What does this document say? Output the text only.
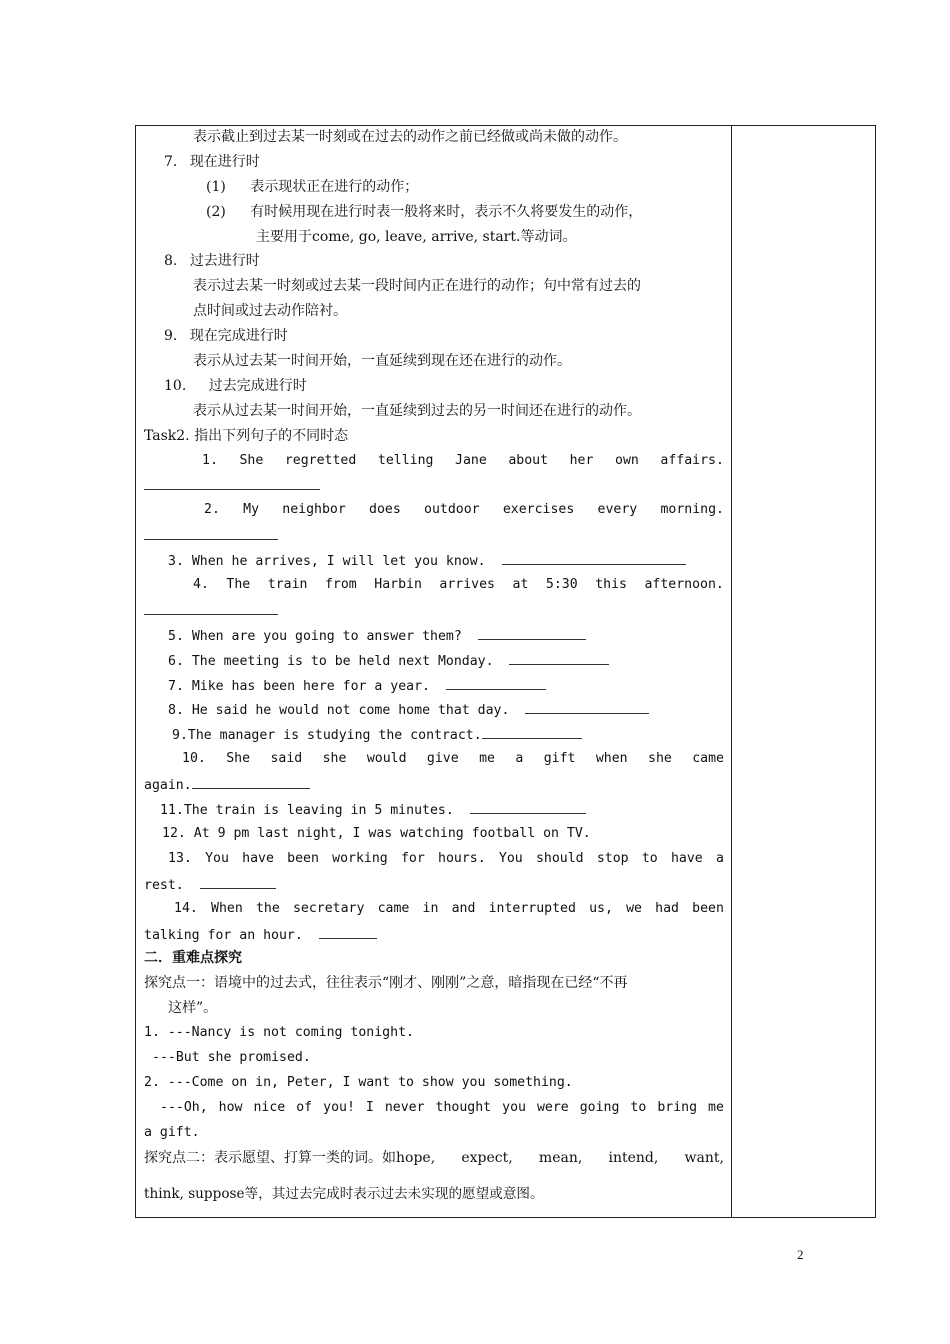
表示截止到过去某一时刻或在过去的动作之前已经做或尚未做的动作。
7. 现在进行时
(1) 表示现状正在进行的动作；
(2) 有时候用现在进行时表一般将来时，表示不久将要发生的动作，
主要用于come, go, leave, arrive, start.等动词。
8. 过去进行时
表示过去某一时刻或过去某一段时间内正在进行的动作；句中常有过去的
点时间或过去动作陪衬。
9. 现在完成进行时
表示从过去某一时间开始，一直延续到现在还在进行的动作。
10. 过去完成进行时
表示从过去某一时间开始，一直延续到过去的另一时间还在进行的动作。
Task2. 指出下列句子的不同时态
1. She regretted telling Jane about her own affairs.
2. My neighbor does outdoor exercises every morning.
3. When he arrives, I will let you know.
4. The train from Harbin arrives at 5:30 this afternoon.
5. When are you going to answer them?
6. The meeting is to be held next Monday.
7. Mike has been here for a year.
8. He said he would not come home that day.
9.The manager is studying the contract.
10. She said she would give me a gift when she came
again.
11.The train is leaving in 5 minutes.
12. At 9 pm last night, I was watching football on TV.
13. You have been working for hours. You should stop to have a
rest.
14. When the secretary came in and interrupted us, we had been
talking for an hour.
二．重难点探究
探究点一：语境中的过去式，往往表示“刚才、刚刚”之意，暗指现在已经“不再
这样”。
1. ---Nancy is not coming tonight.
---But she promised.
2. ---Come on in, Peter, I want to show you something.
---Oh, how nice of you! I never thought you were going to bring me
a gift.
探究点二：表示愿望、打算一类的词。如hope, expect, mean, intend, want,
think, suppose等，其过去完成时表示过去未实现的愿望或意图。
2
